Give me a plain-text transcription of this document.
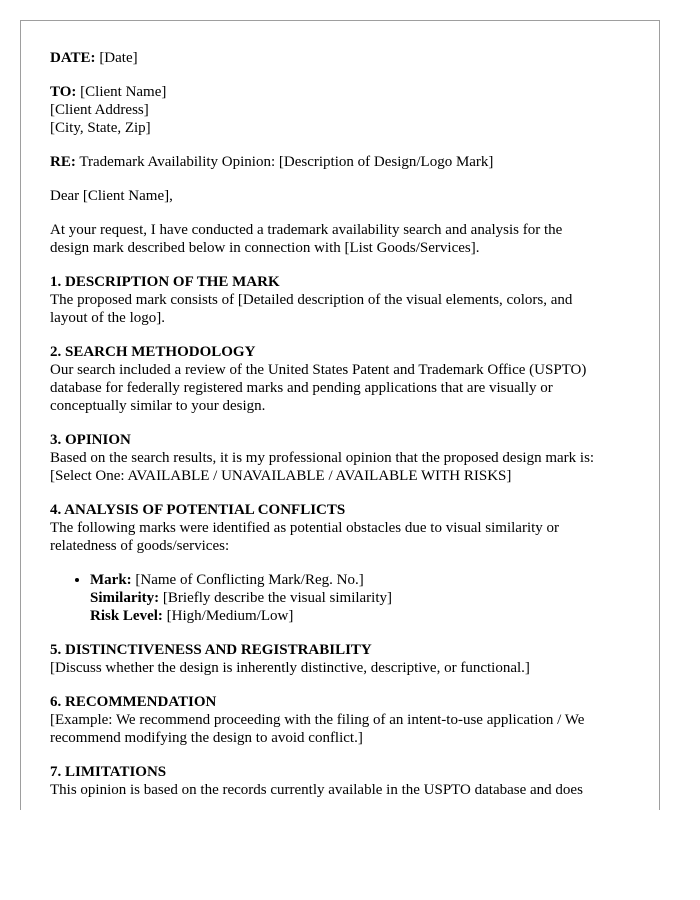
DATE: [Date]
TO: [Client Name]
[Client Address]
[City, State, Zip]
RE: Trademark Availability Opinion: [Description of Design/Logo Mark]
Dear [Client Name],
At your request, I have conducted a trademark availability search and analysis for the
design mark described below in connection with [List Goods/Services].
1. DESCRIPTION OF THE MARK
The proposed mark consists of [Detailed description of the visual elements, colors, and
layout of the logo].
2. SEARCH METHODOLOGY
Our search included a review of the United States Patent and Trademark Office (USPTO)
database for federally registered marks and pending applications that are visually or
conceptually similar to your design.
3. OPINION
Based on the search results, it is my professional opinion that the proposed design mark is:
[Select One: AVAILABLE / UNAVAILABLE / AVAILABLE WITH RISKS]
4. ANALYSIS OF POTENTIAL CONFLICTS
The following marks were identified as potential obstacles due to visual similarity or
relatedness of goods/services:
• Mark: [Name of Conflicting Mark/Reg. No.]
Similarity: [Briefly describe the visual similarity]
Risk Level: [High/Medium/Low]
5. DISTINCTIVENESS AND REGISTRABILITY
[Discuss whether the design is inherently distinctive, descriptive, or functional.]
6. RECOMMENDATION
[Example: We recommend proceeding with the filing of an intent-to-use application / We
recommend modifying the design to avoid conflict.]
7. LIMITATIONS
This opinion is based on the records currently available in the USPTO database and does
